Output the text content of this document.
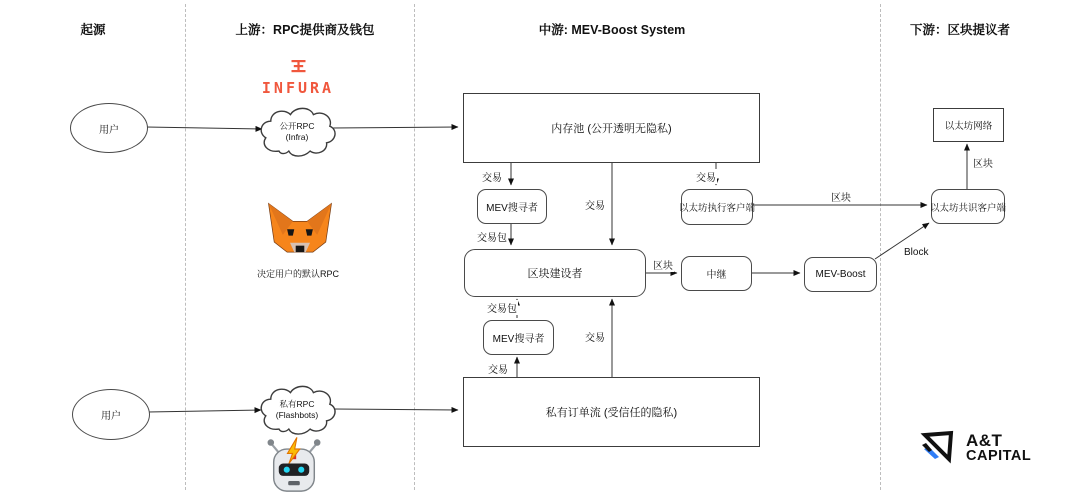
起源	上游：RPC提供商及钱包	中游: MEV-Boost System	下游：区块提议者
用户
用户
INFURA
公开RPC
(Infra)
决定用户的默认RPC
私有RPC
(Flashbots)
内存池 (公开透明无隐私)
MEV搜寻者	以太坊执行客户端
区块建设者	中继	MEV-Boost
MEV搜寻者
私有订单流 (受信任的隐私)
以太坊网络
以太坊共识客户端
交易
交易
交易
交易包
区块
区块
区块
Block
交易包
交易
交易
A&T
CAPITAL
